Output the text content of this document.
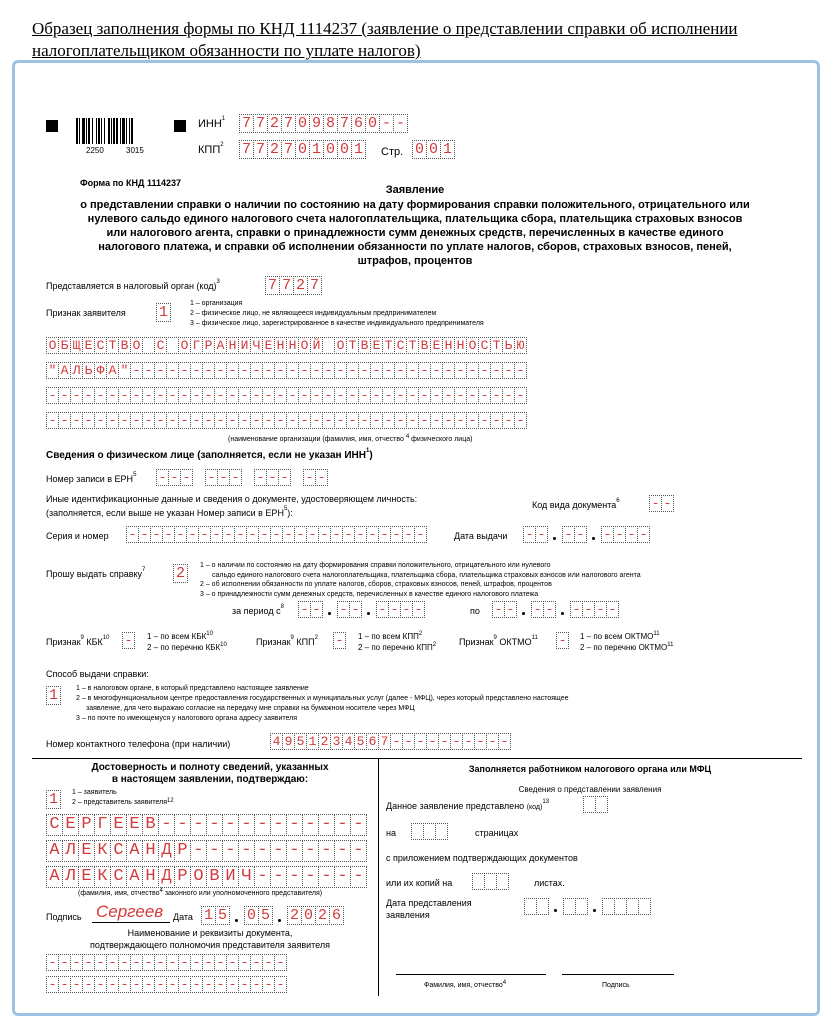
Образец заполнения формы по КНД 1114237 (заявление о представлении справки об исполнении налогоплательщиком обязанности по уплате налогов)
2250	3015
ИНН$^1$ 7 7 2 7 0 9 8 7 6 0 - -
КПП$^2$ 7 7 2 7 0 1 0 0 1 Стр. 0 0 1
Форма по КНД 1114237
Заявление
о представлении справки о наличии по состоянию на дату формирования справки положительного, отрицательного или нулевого сальдо единого налогового счета налогоплательщика, плательщика сбора, плательщика страховых взносов или налогового агента, справки о принадлежности сумм денежных средств, перечисленных в качестве единого налогового платежа, и справки об исполнении обязанности по уплате налогов, сборов, страховых взносов, пеней, штрафов, процентов
Представляется в налоговый орган (код)$^3$	7 7 2 7
Признак заявителя 1
1 – организация
2 – физическое лицо, не являющееся индивидуальным предпринимателем
3 – физическое лицо, зарегистрированное в качестве индивидуального предпринимателя
О Б Щ Е С Т В О С О Г Р А Н И Ч Е Н Н О Й О Т В Е Т С Т В Е Н Н О С Т Ь Ю
" А Л Ь Ф А " - - - - - - - - - - - - - - - - - - - - - - - - - - - - - - - - -
- - - - - - - - - - - - - - - - - - - - - - - - - - - - - - - - - - - - - - - -
- - - - - - - - - - - - - - - - - - - - - - - - - - - - - - - - - - - - - - - -
(наименование организации (фамилия, имя, отчество $^4$ физического лица)
Сведения о физическом лице (заполняется, если не указан ИНН$^1$)
Номер записи в ЕРН$^5$ - - - - - - - - - - -
Иные идентификационные данные и сведения о документе, удостоверяющем личность:
(заполняется, если выше не указан Номер записи в ЕРН$^5$):
Код вида документа$^6$ - -
Серия и номер - - - - - - - - - - - - - - - - - - - - - - - - -	Дата выдачи - - - - - - - -
Прошу выдать справку$^7$ 2	1 – о наличии по состоянию на дату формирования справки положительного, отрицательного или нулевого
сальдо единого налогового счета налогоплательщика, плательщика сбора, плательщика страховых взносов или налогового агента
2 – об исполнении обязанности по уплате налогов, сборов, страховых взносов, пеней, штрафов, процентов
3 – о принадлежности сумм денежных средств, перечисленных в качестве единого налогового платежа
за период $с^8$ - - - - - - - -	по - - - - - - - -
Признак$^9$ КБК$^{10}$ -	1 – по всем КБК$^{10}$
2 – по перечню КБК$^{10}$	Признак$^9$ КПП$^2$ -	1 – по всем КПП$^2$
2 – по перечню КПП$^2$	Признак$^9$ ОКТМО$^{11}$ -	1 – по всем ОКТМО$^{11}$
2 – по перечню ОКТМО$^{11}$
Способ выдачи справки:
1	1 – в налоговом органе, в который представлено настоящее заявление
2 – в многофункциональном центре предоставления государственных и муниципальных услуг (далее - МФЦ), через который представлено настоящее
заявление, для чего выражаю согласие на передачу мне справки на бумажном носителе через МФЦ
3 – по почте по имеющемуся у налогового органа адресу заявителя
Номер контактного телефона (при наличии)	4 9 5 1 2 3 4 5 6 7 - - - - - - - - - -
Достоверность и полноту сведений, указанных
в настоящем заявлении, подтверждаю:
1	1 – заявитель
2 – представитель заявителя$^{12}$
С Е Р Г Е Е В - - - - - - - - - - - - -
А Л Е К С А Н Д Р - - - - - - - - - - -
А Л Е К С А Н Д Р О В И Ч - - - - - - -
(фамилия, имя, отчество$^4$ законного или уполномоченного представителя)
Подпись Сергеев Дата 1 5 0 5 2 0 2 6
Наименование и реквизиты документа,
подтверждающего полномочия представителя заявителя
- - - - - - - - - - - - - - - - - - - -
- - - - - - - - - - - - - - - - - - - -
Заполняется работником налогового органа или МФЦ
Сведения о представлении заявления
Данное заявление представлено (код)$^{13}$
на	страницах
с приложением подтверждающих документов
или их копий на	листах.
Дата представления
заявления
Фамилия, имя, отчество$^4$	Подпись
